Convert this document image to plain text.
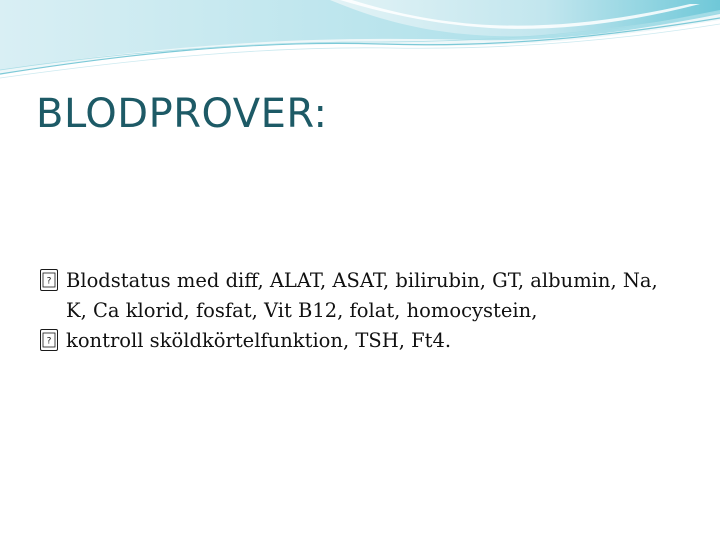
BLODPROVER:
? Blodstatus med diff, ALAT, ASAT, bilirubin, GT, albumin, Na, K, Ca klorid, fosfat, Vit B12, folat, homocystein,
? kontroll sköldkörtelfunktion, TSH, Ft4.
